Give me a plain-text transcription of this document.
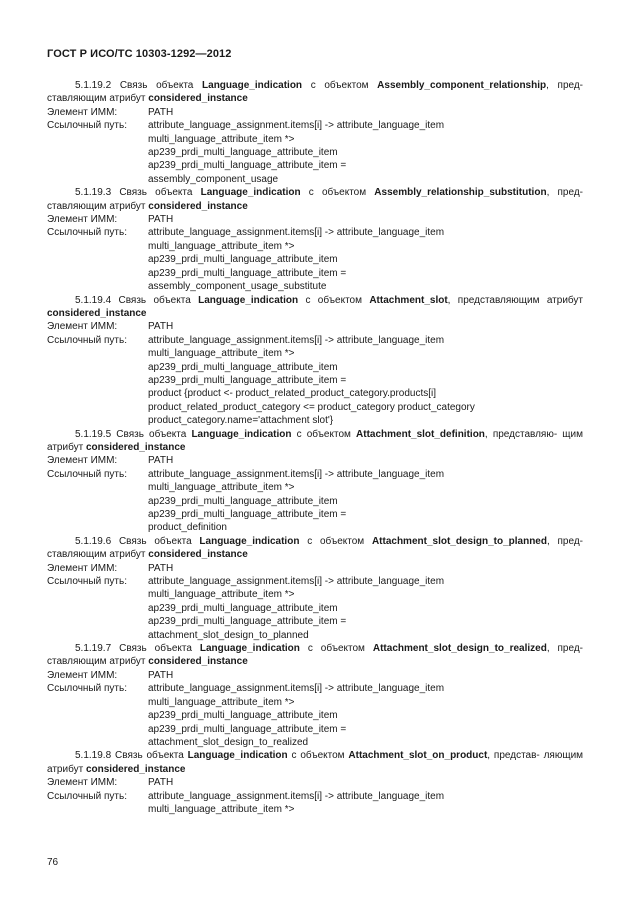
ГОСТ Р ИСО/ТС 10303-1292—2012
5.1.19.2 Связь объекта Language_indication с объектом Assembly_component_relationship, пред- ставляющим атрибут considered_instance
Элемент ИММ:	PATH
Ссылочный путь:	attribute_language_assignment.items[i] -> attribute_language_item
multi_language_attribute_item *>
ap239_prdi_multi_language_attribute_item
ap239_prdi_multi_language_attribute_item =
assembly_component_usage
5.1.19.3 Связь объекта Language_indication с объектом Assembly_relationship_substitution, пред- ставляющим атрибут considered_instance
Элемент ИММ:	PATH
Ссылочный путь:	attribute_language_assignment.items[i] -> attribute_language_item
multi_language_attribute_item *>
ap239_prdi_multi_language_attribute_item
ap239_prdi_multi_language_attribute_item =
assembly_component_usage_substitute
5.1.19.4 Связь объекта Language_indication с объектом Attachment_slot, представляющим атрибут considered_instance
Элемент ИММ:	PATH
Ссылочный путь:	attribute_language_assignment.items[i] -> attribute_language_item
multi_language_attribute_item *>
ap239_prdi_multi_language_attribute_item
ap239_prdi_multi_language_attribute_item =
product {product <- product_related_product_category.products[i]
product_related_product_category <= product_category product_category
product_category.name='attachment slot'}
5.1.19.5 Связь объекта Language_indication с объектом Attachment_slot_definition, представляю- щим атрибут considered_instance
Элемент ИММ:	PATH
Ссылочный путь:	attribute_language_assignment.items[i] -> attribute_language_item
multi_language_attribute_item *>
ap239_prdi_multi_language_attribute_item
ap239_prdi_multi_language_attribute_item =
product_definition
5.1.19.6 Связь объекта Language_indication с объектом Attachment_slot_design_to_planned, пред- ставляющим атрибут considered_instance
Элемент ИММ:	PATH
Ссылочный путь:	attribute_language_assignment.items[i] -> attribute_language_item
multi_language_attribute_item *>
ap239_prdi_multi_language_attribute_item
ap239_prdi_multi_language_attribute_item =
attachment_slot_design_to_planned
5.1.19.7 Связь объекта Language_indication с объектом Attachment_slot_design_to_realized, пред- ставляющим атрибут considered_instance
Элемент ИММ:	PATH
Ссылочный путь:	attribute_language_assignment.items[i] -> attribute_language_item
multi_language_attribute_item *>
ap239_prdi_multi_language_attribute_item
ap239_prdi_multi_language_attribute_item =
attachment_slot_design_to_realized
5.1.19.8 Связь объекта Language_indication с объектом Attachment_slot_on_product, представ- ляющим атрибут considered_instance
Элемент ИММ:	PATH
Ссылочный путь:	attribute_language_assignment.items[i] -> attribute_language_item
multi_language_attribute_item *>
76
